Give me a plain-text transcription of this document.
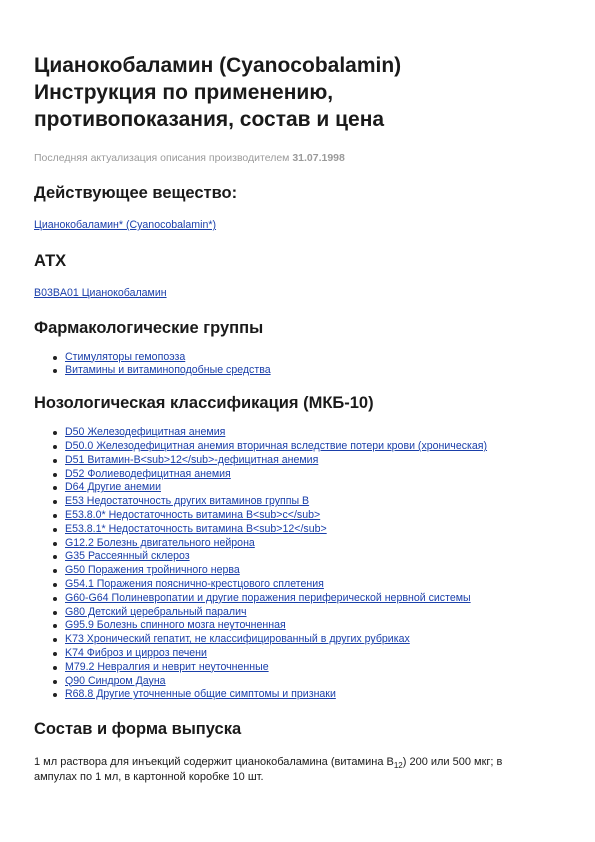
Цианокобаламин (Cyanocobalamin)
Инструкция по применению,
противопоказания, состав и цена
Последняя актуализация описания производителем 31.07.1998
Действующее вещество:
Цианокобаламин* (Cyanocobalamin*)
АТХ
B03BA01 Цианокобаламин
Фармакологические группы
Стимуляторы гемопоэза
Витамины и витаминоподобные средства
Нозологическая классификация (МКБ-10)
D50 Железодефицитная анемия
D50.0 Железодефицитная анемия вторичная вследствие потери крови (хроническая)
D51 Витамин-B<sub>12</sub>-дефицитная анемия
D52 Фолиеводефицитная анемия
D64 Другие анемии
E53 Недостаточность других витаминов группы B
E53.8.0* Недостаточность витамина B<sub>c</sub>
E53.8.1* Недостаточность витамина B<sub>12</sub>
G12.2 Болезнь двигательного нейрона
G35 Рассеянный склероз
G50 Поражения тройничного нерва
G54.1 Поражения пояснично-крестцового сплетения
G60-G64 Полиневропатии и другие поражения периферической нервной системы
G80 Детский церебральный паралич
G95.9 Болезнь спинного мозга неуточненная
K73 Хронический гепатит, не классифицированный в других рубриках
K74 Фиброз и цирроз печени
M79.2 Невралгия и неврит неуточненные
Q90 Синдром Дауна
R68.8 Другие уточненные общие симптомы и признаки
Состав и форма выпуска
1 мл раствора для инъекций содержит цианокобаламина (витамина $B_{12}$) 200 или 500 мкг; в
ампулах по 1 мл, в картонной коробке 10 шт.
